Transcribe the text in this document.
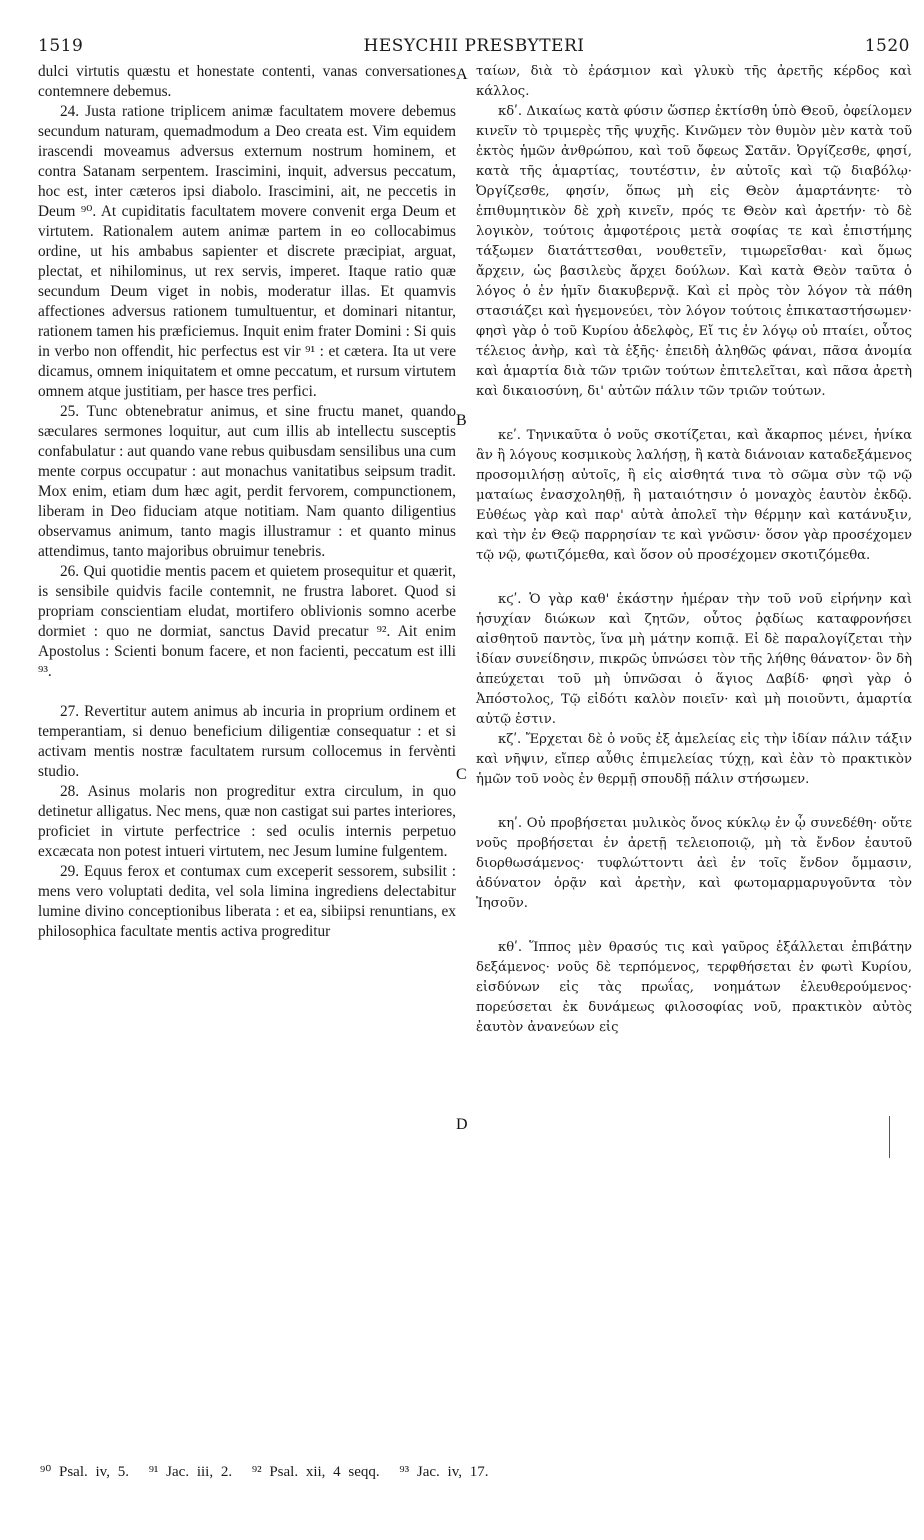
1519	HESYCHII PRESBYTERI	1520

dulci virtutis quæstu et honestate contenti, vanas conversationes contemnere debemus.

24. Justa ratione triplicem animæ facultatem movere debemus secundum naturam, quemadmodum a Deo creata est. Vim equidem irascendi moveamus adversus externum nostrum hominem, et contra Satanam serpentem. Irascimini, inquit, adversus peccatum, hoc est, inter cæteros ipsi diabolo. Irascimini, ait, ne peccetis in Deum ⁹⁰. At cupiditatis facultatem movere convenit erga Deum et virtutem. Rationalem autem animæ partem in eo collocabimus ordine, ut his ambabus sapienter et discrete præcipiat, arguat, plectat, et nihilominus, ut rex servis, imperet. Itaque ratio quæ secundum Deum viget in nobis, moderatur illas. Et quamvis affectiones adversus rationem tumultuentur, et dominari nitantur, rationem tamen his præficiemus. Inquit enim frater Domini : Si quis in verbo non offendit, hic perfectus est vir ⁹¹ : et cætera. Ita ut vere dicamus, omnem iniquitatem et omne peccatum, et rursum virtutem omnem atque justitiam, per hasce tres perfici.

25. Tunc obtenebratur animus, et sine fructu manet, quando sæculares sermones loquitur, aut cum illis ab intellectu susceptis confabulatur : aut quando vane rebus quibusdam sensilibus una cum mente corpus occupatur : aut monachus vanitatibus seipsum tradit. Mox enim, etiam dum hæc agit, perdit fervorem, compunctionem, liberam in Deo fiduciam atque notitiam. Nam quanto diligentius observamus animum, tanto magis illustramur : et quanto minus attendimus, tanto majoribus obruimur tenebris.

26. Qui quotidie mentis pacem et quietem prosequitur et quærit, is sensibile quidvis facile contemnit, ne frustra laboret. Quod si propriam conscientiam eludat, mortifero oblivionis somno acerbe dormiet : quo ne dormiat, sanctus David precatur ⁹². Ait enim Apostolus : Scienti bonum facere, et non facienti, peccatum est illi ⁹³.

27. Revertitur autem animus ab incuria in proprium ordinem et temperantiam, si denuo beneficium diligentiæ consequatur : et si activam mentis nostræ facultatem rursum collocemus in fervènti studio.

28. Asinus molaris non progreditur extra circulum, in quo detinetur alligatus. Nec mens, quæ non castigat sui partes interiores, proficiet in virtute perfectrice : sed oculis internis perpetuo excæcata non potest intueri virtutem, nec Jesum lumine fulgentem.

29. Equus ferox et contumax cum exceperit sessorem, subsilit : mens vero voluptati dedita, vel sola limina ingrediens delectabitur lumine divino conceptionibus liberata : et ea, sibiipsi renuntians, ex philosophica facultate mentis activa progreditur

ταίων, διὰ τὸ ἐράσμιον καὶ γλυκὺ τῆς ἀρετῆς κέρδος καὶ κάλλος.

κδʹ. Δικαίως κατὰ φύσιν ὥσπερ ἐκτίσθη ὑπὸ Θεοῦ, ὀφείλομεν κινεῖν τὸ τριμερὲς τῆς ψυχῆς. Κινῶμεν τὸν θυμὸν μὲν κατὰ τοῦ ἐκτὸς ἡμῶν ἀνθρώπου, καὶ τοῦ ὄφεως Σατᾶν. Ὀργίζεσθε, φησί, κατὰ τῆς ἁμαρτίας, τουτέστιν, ἐν αὐτοῖς καὶ τῷ διαβόλῳ· Ὀργίζεσθε, φησίν, ὅπως μὴ εἰς Θεὸν ἁμαρτάνητε· τὸ ἐπιθυμητικὸν δὲ χρὴ κινεῖν, πρός τε Θεὸν καὶ ἀρετήν· τὸ δὲ λογικὸν, τούτοις ἀμφοτέροις μετὰ σοφίας τε καὶ ἐπιστήμης τάξωμεν διατάττεσθαι, νουθετεῖν, τιμωρεῖσθαι· καὶ ὅμως ἄρχειν, ὡς βασιλεὺς ἄρχει δούλων. Καὶ κατὰ Θεὸν ταῦτα ὁ λόγος ὁ ἐν ἡμῖν διακυβερνᾷ. Καὶ εἰ πρὸς τὸν λόγον τὰ πάθη στασιάζει καὶ ἡγεμονεύει, τὸν λόγον τούτοις ἐπικαταστήσωμεν· φησὶ γὰρ ὁ τοῦ Κυρίου ἀδελφὸς, Εἴ τις ἐν λόγῳ οὐ πταίει, οὗτος τέλειος ἀνὴρ, καὶ τὰ ἑξῆς· ἐπειδὴ ἀληθῶς φάναι, πᾶσα ἀνομία καὶ ἁμαρτία διὰ τῶν τριῶν τούτων ἐπιτελεῖται, καὶ πᾶσα ἀρετὴ καὶ δικαιοσύνη, δι' αὐτῶν πάλιν τῶν τριῶν τούτων.

κεʹ. Τηνικαῦτα ὁ νοῦς σκοτίζεται, καὶ ἄκαρπος μένει, ἡνίκα ἂν ἢ λόγους κοσμικοὺς λαλήσῃ, ἢ κατὰ διάνοιαν καταδεξάμενος προσομιλήσῃ αὐτοῖς, ἢ εἰς αἰσθητά τινα τὸ σῶμα σὺν τῷ νῷ ματαίως ἐνασχοληθῇ, ἢ ματαιότησιν ὁ μοναχὸς ἑαυτὸν ἐκδῷ. Εὐθέως γὰρ καὶ παρ' αὐτὰ ἀπολεῖ τὴν θέρμην καὶ κατάνυξιν, καὶ τὴν ἐν Θεῷ παρρησίαν τε καὶ γνῶσιν· ὅσον γὰρ προσέχομεν τῷ νῷ, φωτιζόμεθα, καὶ ὅσον οὐ προσέχομεν σκοτιζόμεθα.

κϛʹ. Ὁ γὰρ καθ' ἑκάστην ἡμέραν τὴν τοῦ νοῦ εἰρήνην καὶ ἡσυχίαν διώκων καὶ ζητῶν, οὗτος ῥᾳδίως καταφρονήσει αἰσθητοῦ παντὸς, ἵνα μὴ μάτην κοπιᾷ. Εἰ δὲ παραλογίζεται τὴν ἰδίαν συνείδησιν, πικρῶς ὑπνώσει τὸν τῆς λήθης θάνατον· ὃν δὴ ἀπεύχεται τοῦ μὴ ὑπνῶσαι ὁ ἅγιος Δαβίδ· φησὶ γὰρ ὁ Ἀπόστολος, Τῷ εἰδότι καλὸν ποιεῖν· καὶ μὴ ποιοῦντι, ἁμαρτία αὐτῷ ἐστιν.

κζʹ. Ἔρχεται δὲ ὁ νοῦς ἐξ ἀμελείας εἰς τὴν ἰδίαν πάλιν τάξιν καὶ νῆψιν, εἴπερ αὖθις ἐπιμελείας τύχῃ, καὶ ἐὰν τὸ πρακτικὸν ἡμῶν τοῦ νοὸς ἐν θερμῇ σπουδῇ πάλιν στήσωμεν.

κηʹ. Οὐ προβήσεται μυλικὸς ὄνος κύκλῳ ἐν ᾧ συνεδέθη· οὔτε νοῦς προβήσεται ἐν ἀρετῇ τελειοποιῷ, μὴ τὰ ἔνδον ἑαυτοῦ διορθωσάμενος· τυφλώττοντι ἀεὶ ἐν τοῖς ἔνδον ὄμμασιν, ἀδύνατον ὁρᾷν καὶ ἀρετὴν, καὶ φωτομαρμαρυγοῦντα τὸν Ἰησοῦν.

κθʹ. Ἵππος μὲν θρασύς τις καὶ γαῦρος ἐξάλλεται ἐπιβάτην δεξάμενος· νοῦς δὲ τερπόμενος, τερφθήσεται ἐν φωτὶ Κυρίου, εἰσδύνων εἰς τὰς πρωΐας, νοημάτων ἐλευθερούμενος· πορεύσεται ἐκ δυνάμεως φιλοσοφίας νοῦ, πρακτικὸν αὐτὸς ἑαυτὸν ἀνανεύων εἰς

A
B
C
D
⁹⁰ Psal. iv, 5. ⁹¹ Jac. iii, 2. ⁹² Psal. xii, 4 seqq. ⁹³ Jac. iv, 17.
